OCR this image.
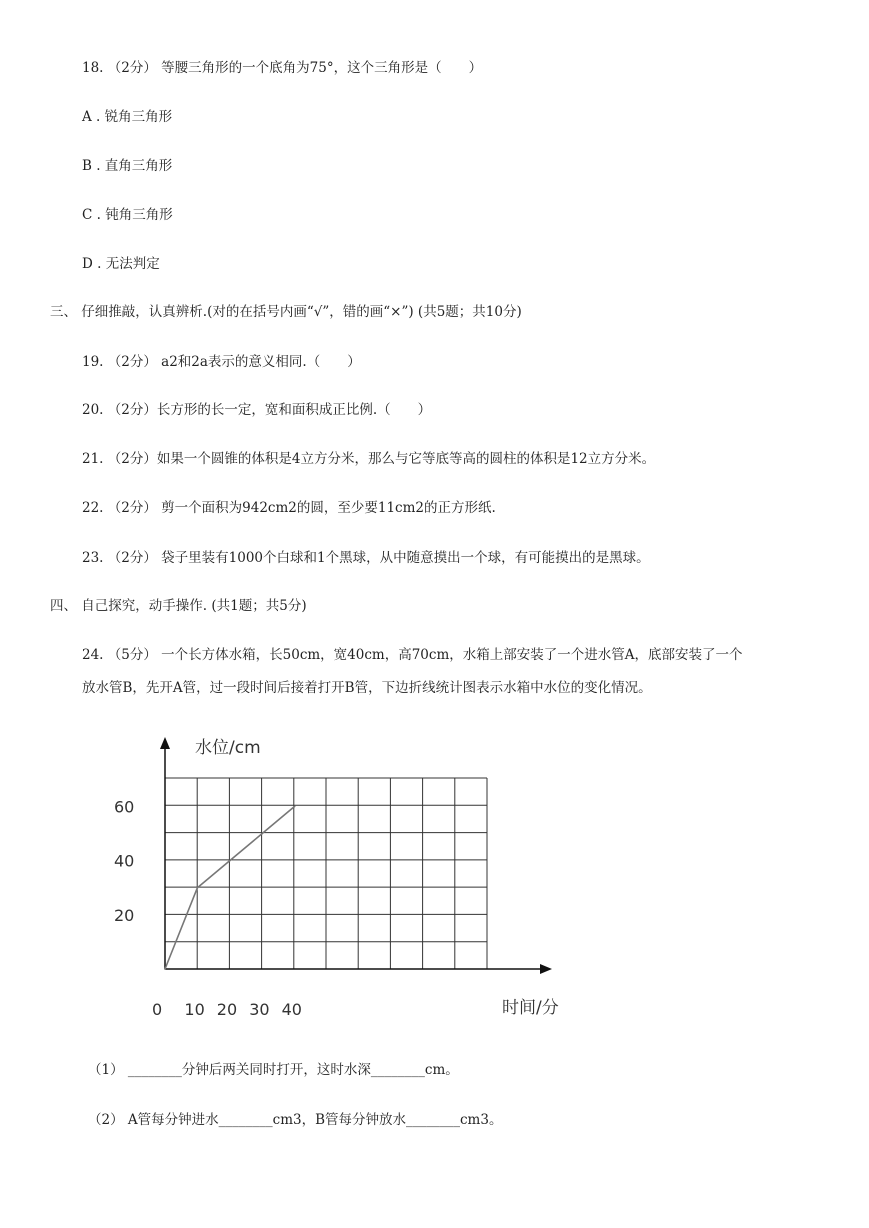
18. （2分） 等腰三角形的一个底角为75°，这个三角形是（　　）
A . 锐角三角形
B . 直角三角形
C . 钝角三角形
D . 无法判定
三、 仔细推敲，认真辨析.(对的在括号内画“√”，错的画“×”) (共5题；共10分)
19. （2分） a2和2a表示的意义相同.（　　）
20. （2分）长方形的长一定，宽和面积成正比例.（　　）
21. （2分）如果一个圆锥的体积是4立方分米，那么与它等底等高的圆柱的体积是12立方分米。
22. （2分） 剪一个面积为942cm2的圆，至少要11cm2的正方形纸.
23. （2分） 袋子里装有1000个白球和1个黑球，从中随意摸出一个球，有可能摸出的是黑球。
四、 自己探究，动手操作. (共1题；共5分)
24. （5分） 一个长方体水箱，长50cm，宽40cm，高70cm，水箱上部安装了一个进水管A，底部安装了一个
放水管B，先开A管，过一段时间后接着打开B管，下边折线统计图表示水箱中水位的变化情况。
0 10 20 30 40
20
40
60
水位/cm
时间/分
（1） ________分钟后两关同时打开，这时水深________cm。
（2） A管每分钟进水________cm3，B管每分钟放水________cm3。
